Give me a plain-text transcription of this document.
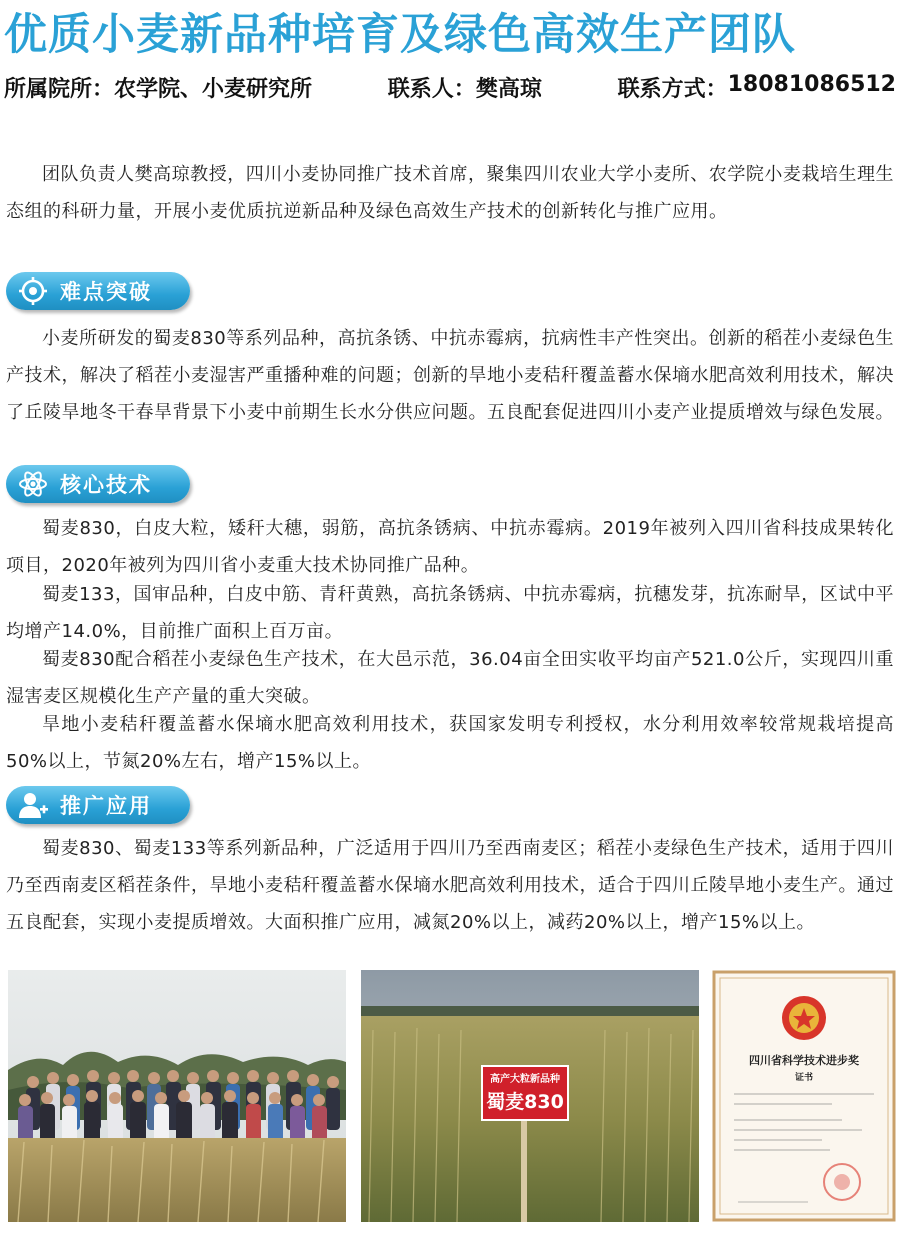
优质小麦新品种培育及绿色高效生产团队
所属院所： 农学院、小麦研究所	联系人： 樊高琼	联系方式： 18081086512

团队负责人樊高琼教授，四川小麦协同推广技术首席，聚集四川农业大学小麦所、农学院小麦栽培生理生态组的科研力量，开展小麦优质抗逆新品种及绿色高效生产技术的创新转化与推广应用。

难点突破

小麦所研发的蜀麦830等系列品种，高抗条锈、中抗赤霉病，抗病性丰产性突出。创新的稻茬小麦绿色生产技术，解决了稻茬小麦湿害严重播种难的问题；创新的旱地小麦秸秆覆盖蓄水保墒水肥高效利用技术，解决了丘陵旱地冬干春旱背景下小麦中前期生长水分供应问题。五良配套促进四川小麦产业提质增效与绿色发展。

核心技术

蜀麦830，白皮大粒，矮秆大穗，弱筋，高抗条锈病、中抗赤霉病。2019年被列入四川省科技成果转化项目，2020年被列为四川省小麦重大技术协同推广品种。

蜀麦133，国审品种，白皮中筋、青秆黄熟，高抗条锈病、中抗赤霉病，抗穗发芽，抗冻耐旱，区试中平均增产14.0%，目前推广面积上百万亩。

蜀麦830配合稻茬小麦绿色生产技术，在大邑示范，36.04亩全田实收平均亩产521.0公斤，实现四川重湿害麦区规模化生产产量的重大突破。

旱地小麦秸秆覆盖蓄水保墒水肥高效利用技术，获国家发明专利授权，水分利用效率较常规栽培提高50%以上，节氮20%左右，增产15%以上。

推广应用

蜀麦830、蜀麦133等系列新品种，广泛适用于四川乃至西南麦区；稻茬小麦绿色生产技术，适用于四川乃至西南麦区稻茬条件，旱地小麦秸秆覆盖蓄水保墒水肥高效利用技术，适合于四川丘陵旱地小麦生产。通过五良配套，实现小麦提质增效。大面积推广应用，减氮20%以上，减药20%以上，增产15%以上。

高产大粒新品种
蜀麦830
四川省科学技术进步奖
证书
